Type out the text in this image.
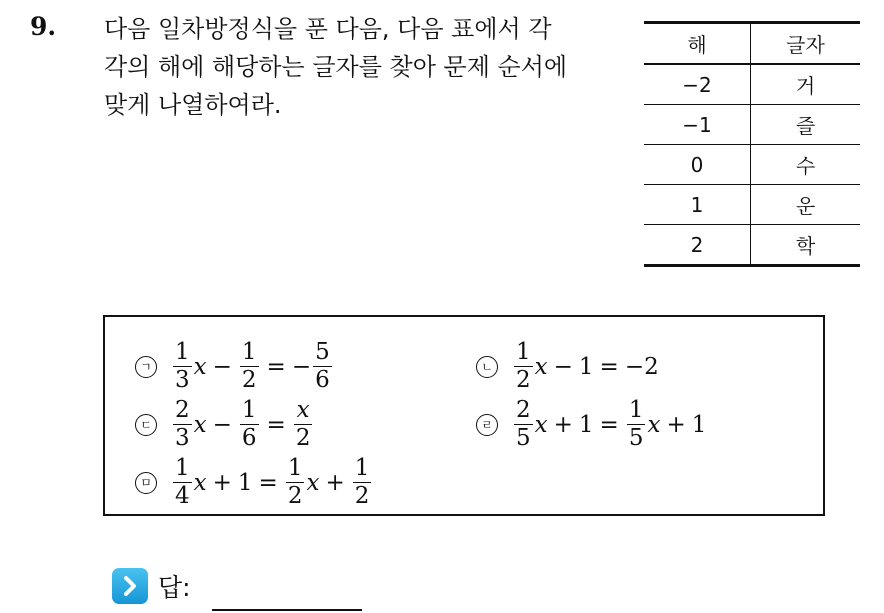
9. 다음 일차방정식을 푼 다음, 다음 표에서 각
각의 해에 해당하는 글자를 찾아 문제 순서에
맞게 나열하여라.
해	글자
−2	거
−1	즐
0	수
1	운
2	학
ㄱ $\frac{1}{3}$ $x - \frac{1}{2}$ = − $\frac{5}{6}$	ㄴ $\frac{1}{2}$ x − 1 = −2
ㄷ $\frac{2}{3}$ $x - \frac{1}{6} = \frac{x}{2}$	ㄹ $\frac{2}{5}$ $x + 1 = \frac{1}{5}$ x + 1
ㅁ $\frac{1}{4}$ $x + 1 = \frac{1}{2}$ $x + \frac{1}{2}$
답:
